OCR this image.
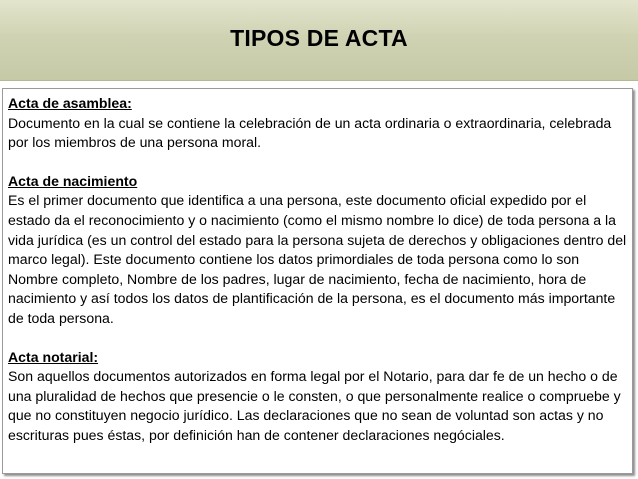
TIPOS DE ACTA
Acta de asamblea:
Documento en la cual se contiene la celebración de un acta ordinaria o extraordinaria, celebrada por los miembros de una persona moral.
Acta de nacimiento
Es el primer documento que identifica a una persona, este documento oficial expedido por el estado da el reconocimiento y o nacimiento (como el mismo nombre lo dice) de toda persona a la vida jurídica (es un control del estado para la persona sujeta de derechos y obligaciones dentro del marco legal). Este documento contiene los datos primordiales de toda persona como lo son Nombre completo, Nombre de los padres, lugar de nacimiento, fecha de nacimiento, hora de nacimiento y así todos los datos de plantificación de la persona, es el documento más importante de toda persona.
Acta notarial:
Son aquellos documentos autorizados en forma legal por el Notario, para dar fe de un hecho o de una pluralidad de hechos que presencie o le consten, o que personalmente realice o compruebe y que no constituyen negocio jurídico. Las declaraciones que no sean de voluntad son actas y no escrituras pues éstas, por definición han de contener declaraciones negóciales.
